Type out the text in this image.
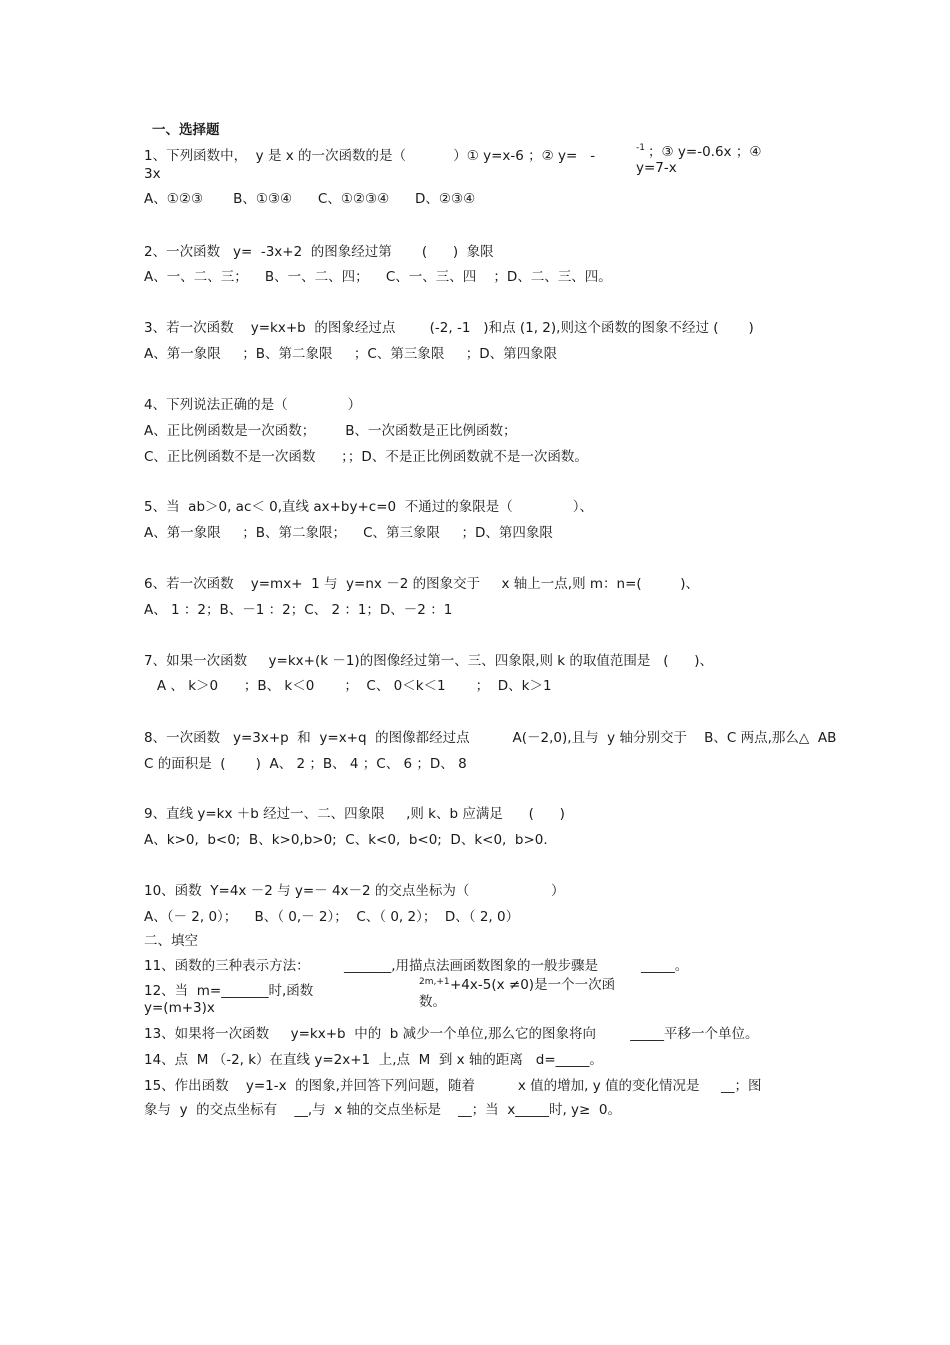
一、选择题
1、下列函数中，  y 是 x 的一次函数的是（           ）① y=x-6 ；② y=   -	-1 ；③ y=-0.6x ；④
y=7-x
3x
A、①②③       B、①③④      C、①②③④      D、②③④
2、一次函数   y=  -3x+2  的图象经过第       (      )  象限
A、一、二、三；    B、一、二、四；    C、一、三、四    ；D、二、三、四。
3、若一次函数    y=kx+b  的图象经过点        (-2, -1   )和点 (1, 2),则这个函数的图象不经过 (       )
A、第一象限     ；B、第二象限     ；C、第三象限     ；D、第四象限
4、下列说法正确的是（              ）
A、正比例函数是一次函数；       B、一次函数是正比例函数；
C、正比例函数不是一次函数      ；；D、不是正比例函数就不是一次函数。
5、当  ab＞0, ac＜ 0,直线 ax+by+c=0  不通过的象限是（              ）、
A、第一象限     ；B、第二象限；    C、第三象限     ；D、第四象限
6、若一次函数    y=mx+  1 与  y=nx －2 的图象交于     x 轴上一点,则 m：n=(         )、
A、 1 ：2；B、－1 ：2；C、 2 ：1；D、－2 ：1
7、如果一次函数     y=kx+(k －1)的图像经过第一、三、四象限,则 k 的取值范围是   (      )、
A 、 k＞0      ；B、 k＜0       ；  C、 0＜k＜1       ；  D、k＞1
8、一次函数   y=3x+p  和  y=x+q  的图像都经过点          A(－2,0),且与  y 轴分别交于    B、C 两点,那么△  AB
C 的面积是  (       )  A、 2 ；B、 4 ；C、 6 ；D、 8
9、直线 y=kx ＋b 经过一、二、四象限     ,则 k、b 应满足      (      )
A、k>0,  b<0;  B、k>0,b>0;  C、k<0,  b<0;  D、k<0,  b>0.
10、函数  Y=4x －2 与 y=－ 4x－2 的交点坐标为（                   ）
A、（－ 2, 0）；    B、（ 0,－ 2）；  C、（ 0, 2）；  D、（ 2, 0）
二、填空
11、函数的三种表示方法：        _______,用描点法画函数图象的一般步骤是          _____。
12、当  m=_______时,函数
2m,+1 +4x-5(x ≠0)是一个一次函
数。
y=(m+3)x
13、如果将一次函数     y=kx+b  中的  b 减少一个单位,那么它的图象将向        _____平移一个单位。
14、点  M （-2, k）在直线 y=2x+1  上,点  M  到 x 轴的距离   d=_____。
15、作出函数    y=1-x  的图象,并回答下列问题，随着          x 值的增加, y 值的变化情况是     __；图
象与  y  的交点坐标有    __,与  x 轴的交点坐标是    __；当  x_____时, y≥  0。
